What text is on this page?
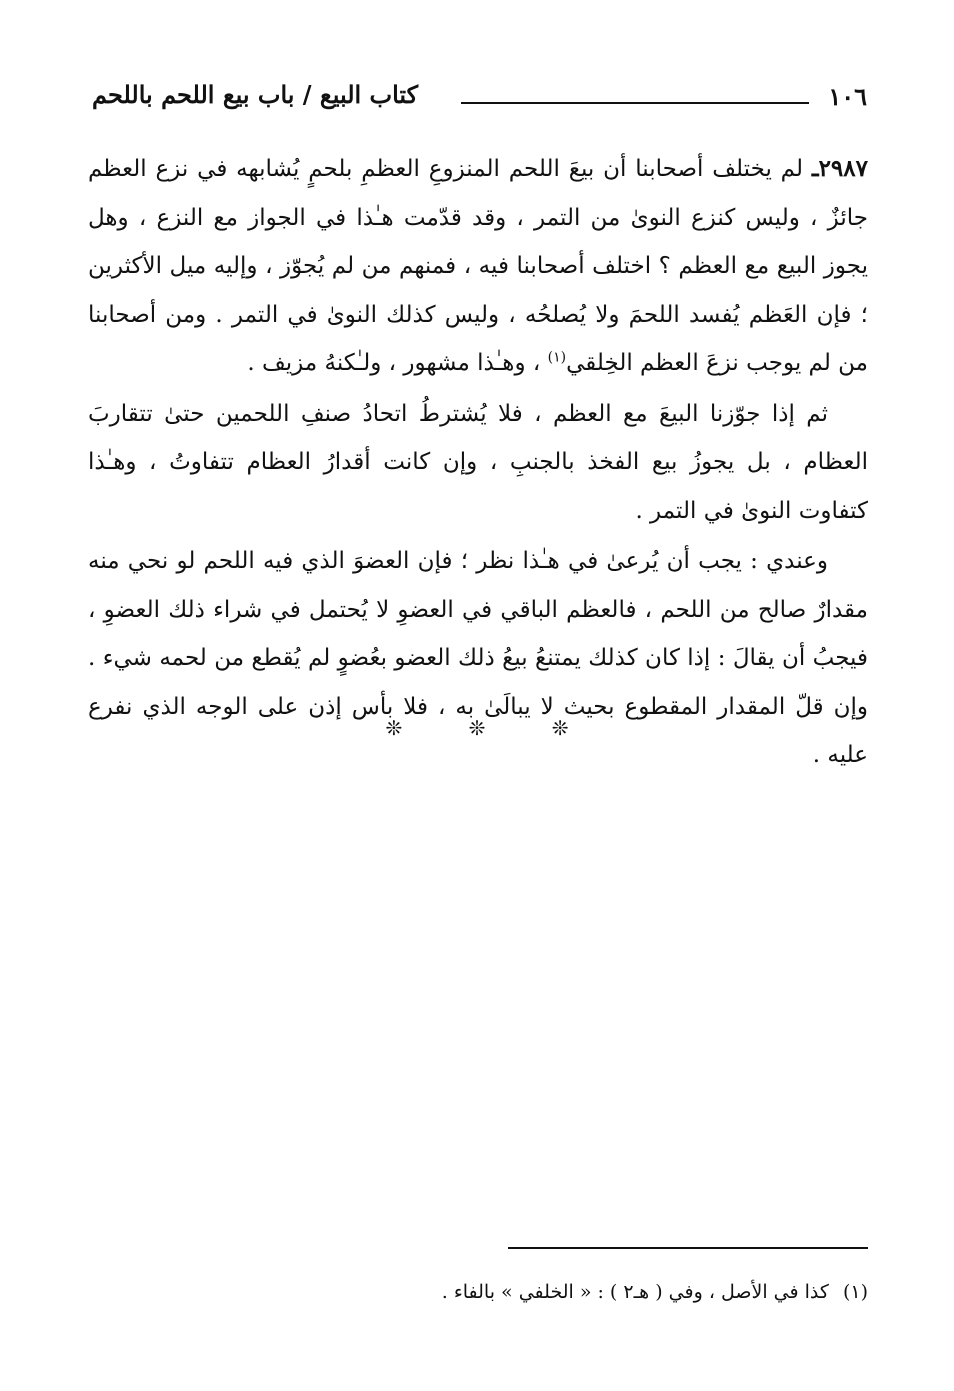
١٠٦
كتاب البيع / باب بيع اللحم باللحم

٢٩٨٧ـ لم يختلف أصحابنا أن بيعَ اللحم المنزوعِ العظمِ بلحمٍ يُشابهه في نزع العظم جائزٌ ، وليس كنزع النوىٰ من التمر ، وقد قدّمت هـٰذا في الجواز مع النزع ، وهل يجوز البيع مع العظم ؟ اختلف أصحابنا فيه ، فمنهم من لم يُجوّز ، وإليه ميل الأكثرين ؛ فإن العَظم يُفسد اللحمَ ولا يُصلحُه ، وليس كذلك النوىٰ في التمر . ومن أصحابنا من لم يوجب نزعَ العظم الخِلقي$^{(١)}$ ، وهـٰذا مشهور ، ولـٰكنهُ مزيف .

ثم إذا جوّزنا البيعَ مع العظم ، فلا يُشترطُ اتحادُ صنفِ اللحمين حتىٰ تتقاربَ العظام ، بل يجوزُ بيع الفخذ بالجنبِ ، وإن كانت أقدارُ العظام تتفاوتُ ، وهـٰذا كتفاوت النوىٰ في التمر .

وعندي : يجب أن يُرعىٰ في هـٰذا نظر ؛ فإن العضوَ الذي فيه اللحم لو نحي منه مقدارٌ صالح من اللحم ، فالعظم الباقي في العضوِ لا يُحتمل في شراء ذلك العضوِ ، فيجبُ أن يقالَ : إذا كان كذلك يمتنعُ بيعُ ذلك العضو بعُضوٍ لم يُقطع من لحمه شيء . وإن قلّ المقدار المقطوع بحيث لا يبالَىٰ به ، فلا بأس إذن على الوجه الذي نفرع عليه .

❊ ❊ ❊
(١)كذا في الأصل ، وفي ( هـ٢ ) : « الخلفي » بالفاء .
